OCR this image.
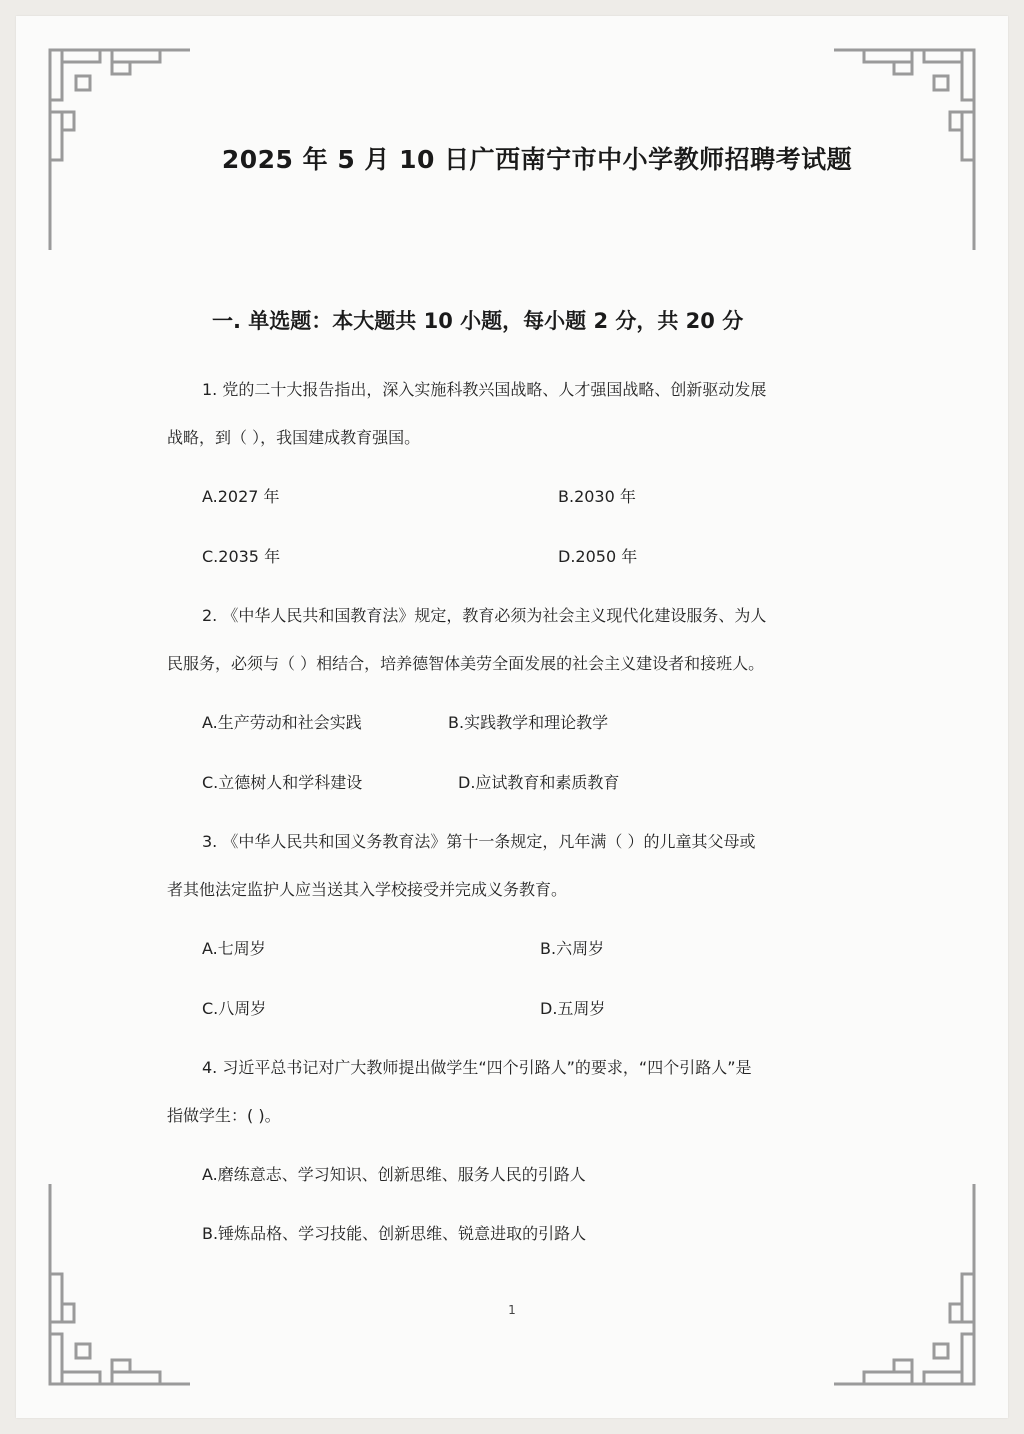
2025 年 5 月 10 日广西南宁市中小学教师招聘考试题
一. 单选题：本大题共 10 小题，每小题 2 分，共 20 分
1. 党的二十大报告指出，深入实施科教兴国战略、人才强国战略、创新驱动发展
战略，到（ ），我国建成教育强国。
A.2027 年	B.2030 年
C.2035 年	D.2050 年
2. 《中华人民共和国教育法》规定，教育必须为社会主义现代化建设服务、为人
民服务，必须与（ ）相结合，培养德智体美劳全面发展的社会主义建设者和接班人。
A.生产劳动和社会实践	B.实践教学和理论教学
C.立德树人和学科建设	D.应试教育和素质教育
3. 《中华人民共和国义务教育法》第十一条规定，凡年满（ ）的儿童其父母或
者其他法定监护人应当送其入学校接受并完成义务教育。
A.七周岁	B.六周岁
C.八周岁	D.五周岁
4. 习近平总书记对广大教师提出做学生“四个引路人”的要求，“四个引路人”是
指做学生：( )。
A.磨练意志、学习知识、创新思维、服务人民的引路人
B.锤炼品格、学习技能、创新思维、锐意进取的引路人
1
